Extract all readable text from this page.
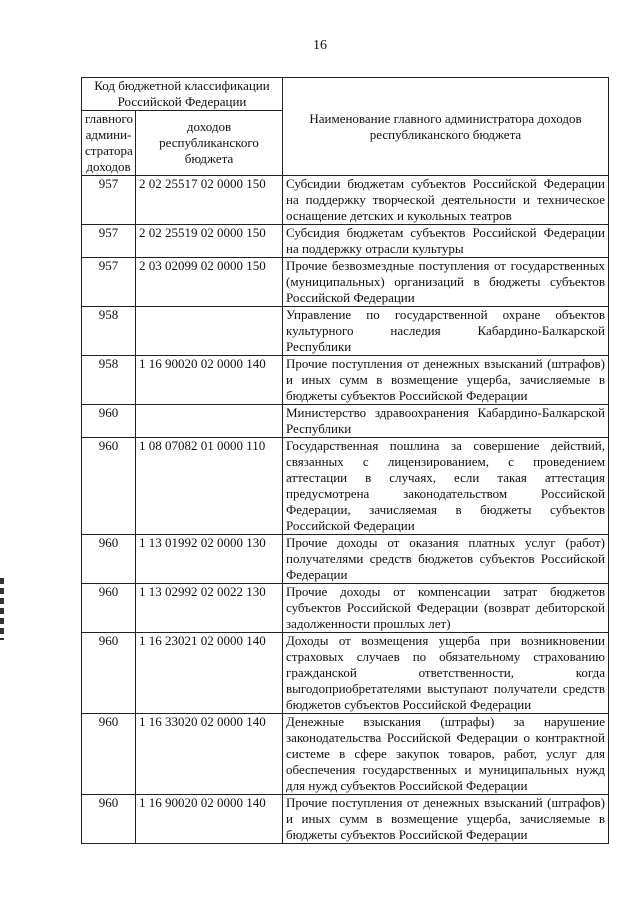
16
Код бюджетной классификации Российской Федерации		Наименование главного администратора доходов республиканского бюджета
главного админи-стратора доходов	доходов республиканского бюджета	
957	2 02 25517 02 0000 150	Субсидии бюджетам субъектов Российской Федерации на поддержку творческой деятельности и техническое оснащение детских и кукольных театров
957	2 02 25519 02 0000 150	Субсидия бюджетам субъектов Российской Федерации на поддержку отрасли культуры
957	2 03 02099 02 0000 150	Прочие безвозмездные поступления от государственных (муниципальных) организаций в бюджеты субъектов Российской Федерации
958		Управление по государственной охране объектов культурного наследия Кабардино-Балкарской Республики
958	1 16 90020 02 0000 140	Прочие поступления от денежных взысканий (штрафов) и иных сумм в возмещение ущерба, зачисляемые в бюджеты субъектов Российской Федерации
960		Министерство здравоохранения Кабардино-Балкарской Республики
960	1 08 07082 01 0000 110	Государственная пошлина за совершение действий, связанных с лицензированием, с проведением аттестации в случаях, если такая аттестация предусмотрена законодательством Российской Федерации, зачисляемая в бюджеты субъектов Российской Федерации
960	1 13 01992 02 0000 130	Прочие доходы от оказания платных услуг (работ) получателями средств бюджетов субъектов Российской Федерации
960	1 13 02992 02 0022 130	Прочие доходы от компенсации затрат бюджетов субъектов Российской Федерации (возврат дебиторской задолженности прошлых лет)
960	1 16 23021 02 0000 140	Доходы от возмещения ущерба при возникновении страховых случаев по обязательному страхованию гражданской ответственности, когда выгодоприобретателями выступают получатели средств бюджетов субъектов Российской Федерации
960	1 16 33020 02 0000 140	Денежные взыскания (штрафы) за нарушение законодательства Российской Федерации о контрактной системе в сфере закупок товаров, работ, услуг для обеспечения государственных и муниципальных нужд для нужд субъектов Российской Федерации
960	1 16 90020 02 0000 140	Прочие поступления от денежных взысканий (штрафов) и иных сумм в возмещение ущерба, зачисляемые в бюджеты субъектов Российской Федерации
